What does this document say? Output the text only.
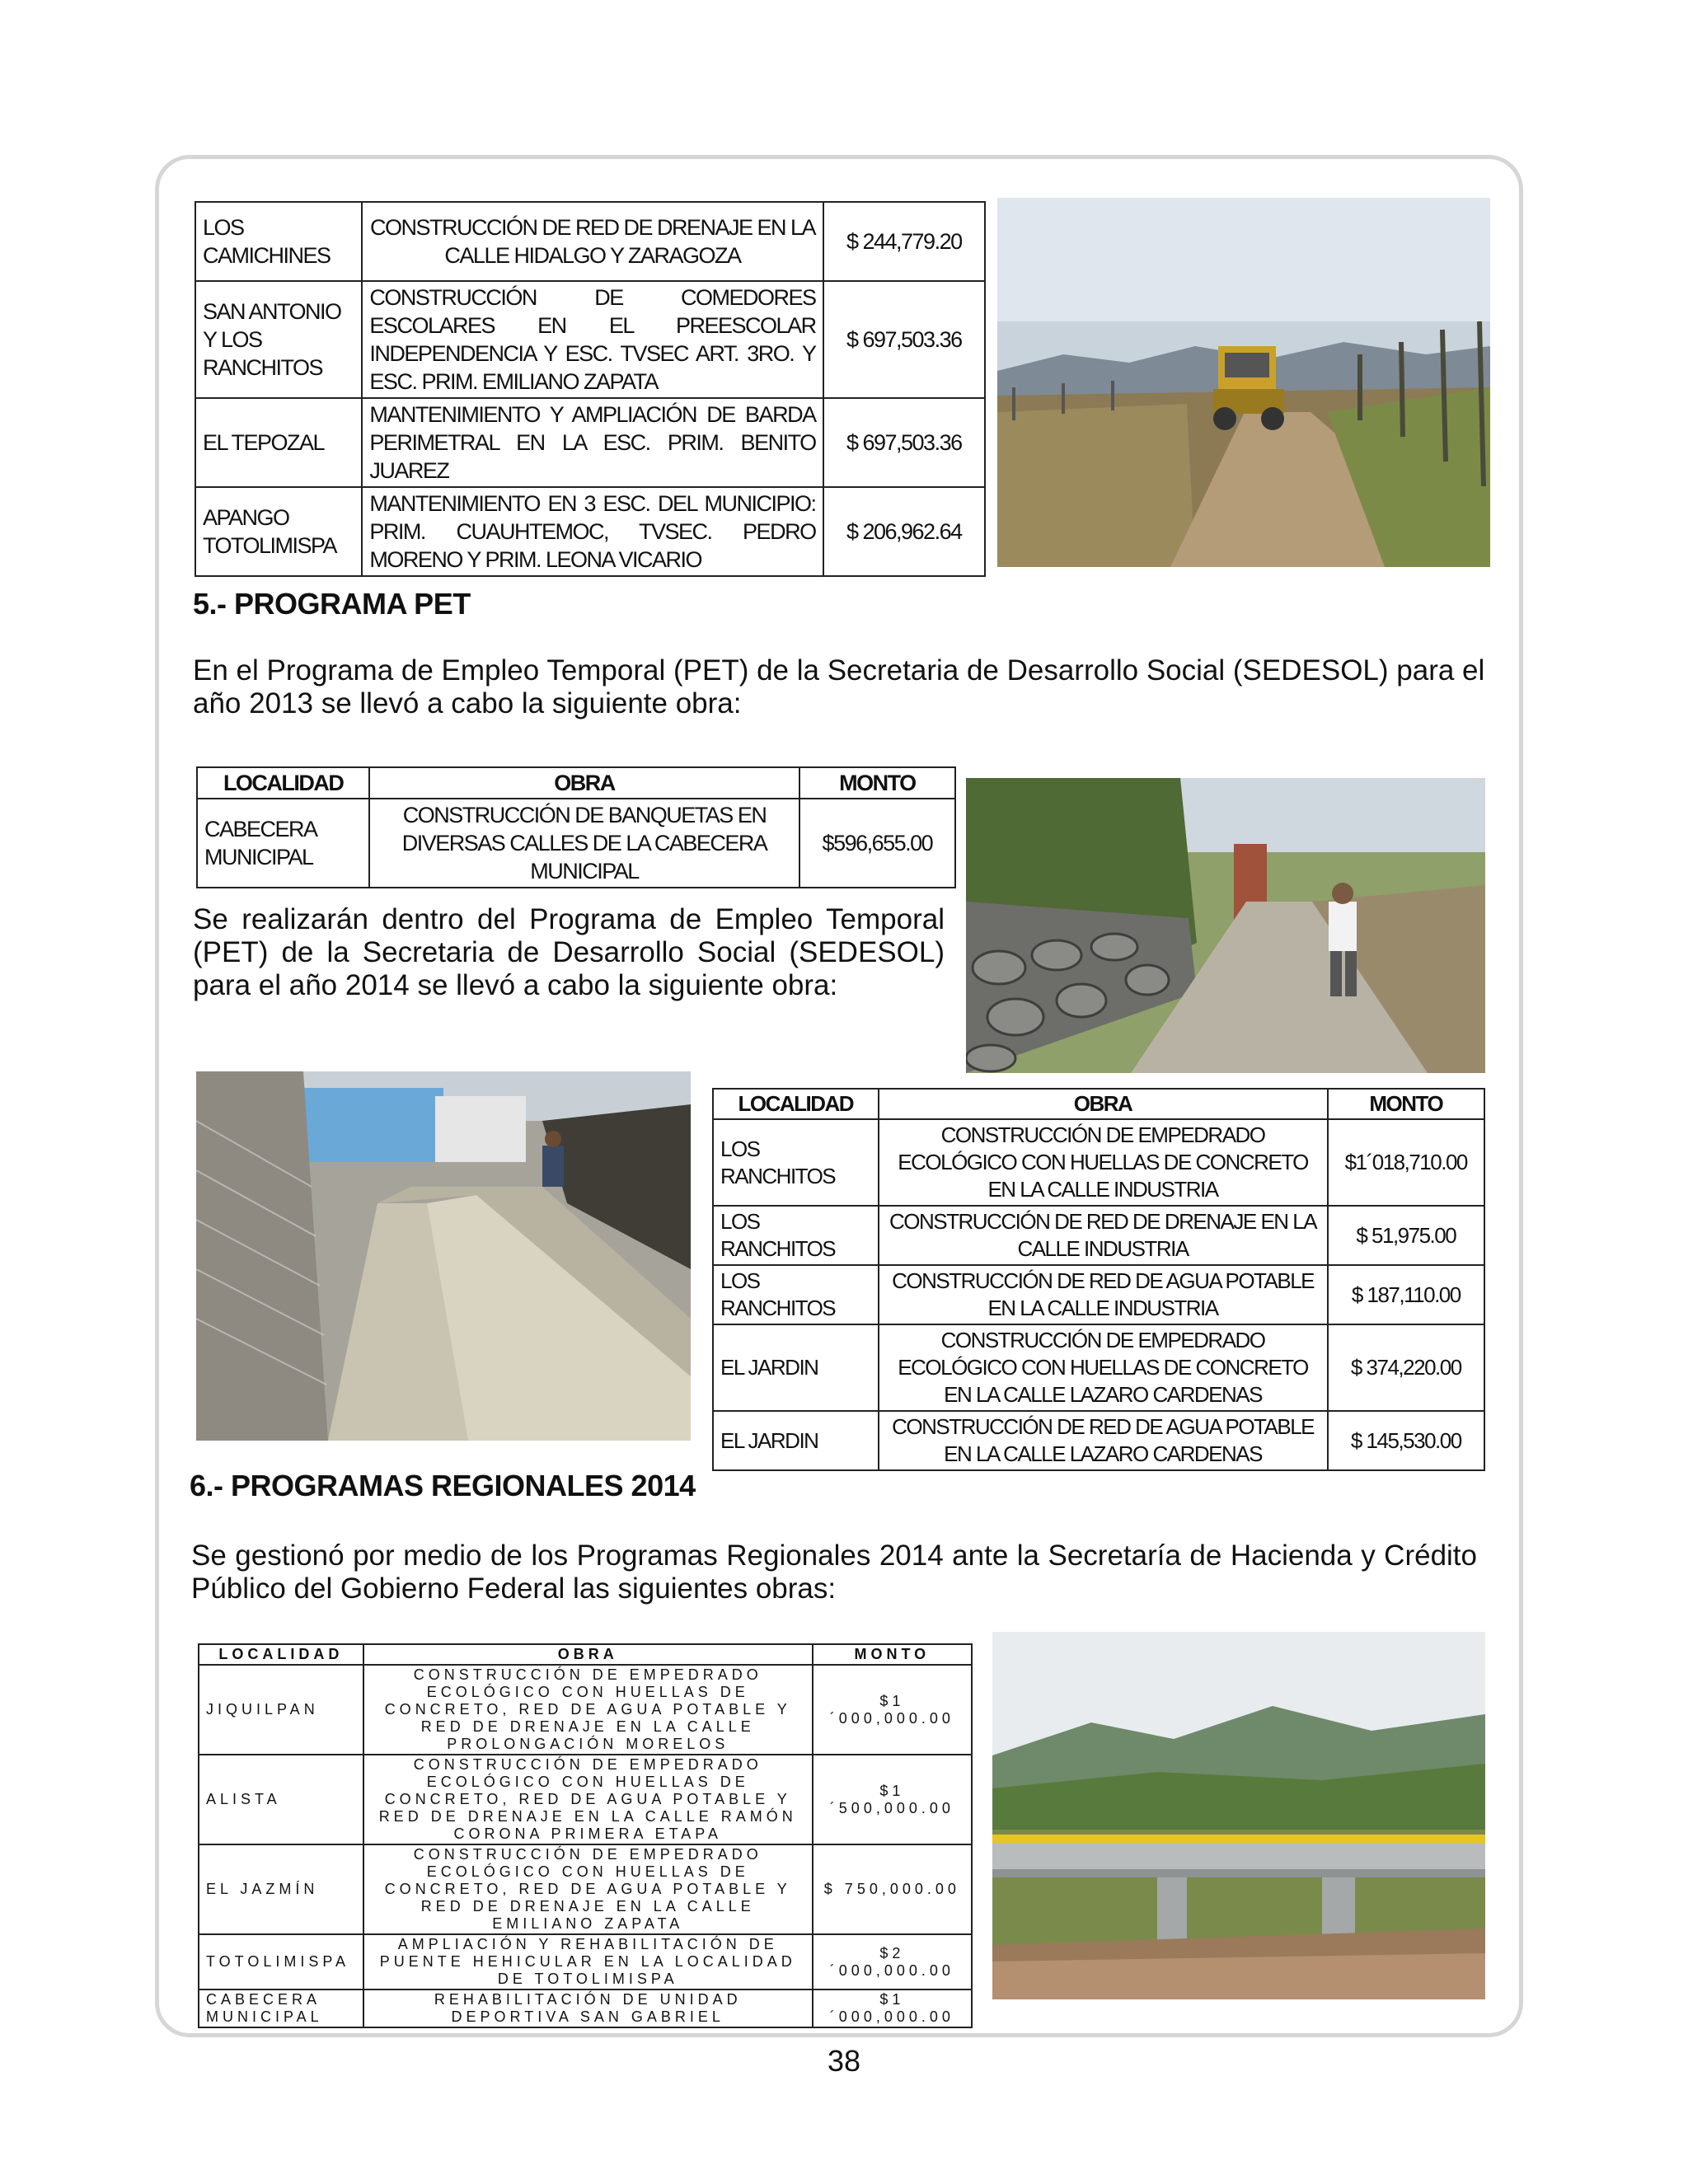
LOS CAMICHINES	CONSTRUCCIÓN DE RED DE DRENAJE EN LA CALLE HIDALGO Y ZARAGOZA	$ 244,779.20
SAN ANTONIO Y LOS RANCHITOS	CONSTRUCCIÓN DE COMEDORES ESCOLARES EN EL PREESCOLAR INDEPENDENCIA Y ESC. TVSEC ART. 3RO. Y ESC. PRIM. EMILIANO ZAPATA	$ 697,503.36
EL TEPOZAL	MANTENIMIENTO Y AMPLIACIÓN DE BARDA PERIMETRAL EN LA ESC. PRIM. BENITO JUAREZ	$ 697,503.36
APANGO TOTOLIMISPA	MANTENIMIENTO EN 3 ESC. DEL MUNICIPIO: PRIM. CUAUHTEMOC, TVSEC. PEDRO MORENO Y PRIM. LEONA VICARIO	$ 206,962.64
5.- PROGRAMA PET

En el Programa de Empleo Temporal (PET) de la Secretaria de Desarrollo Social (SEDESOL) para el año 2013 se llevó a cabo la siguiente obra:

LOCALIDAD	OBRA	MONTO
CABECERA MUNICIPAL	CONSTRUCCIÓN DE BANQUETAS EN DIVERSAS CALLES DE LA CABECERA MUNICIPAL	$596,655.00

Se realizarán dentro del Programa de Empleo Temporal (PET) de la Secretaria de Desarrollo Social (SEDESOL) para el año 2014 se llevó a cabo la siguiente obra:

LOCALIDAD	OBRA	MONTO
LOS RANCHITOS	CONSTRUCCIÓN DE EMPEDRADO ECOLÓGICO CON HUELLAS DE CONCRETO EN LA CALLE INDUSTRIA	$1´018,710.00
LOS RANCHITOS	CONSTRUCCIÓN DE RED DE DRENAJE EN LA CALLE INDUSTRIA	$ 51,975.00
LOS RANCHITOS	CONSTRUCCIÓN DE RED DE AGUA POTABLE EN LA CALLE INDUSTRIA	$ 187,110.00
EL JARDIN	CONSTRUCCIÓN DE EMPEDRADO ECOLÓGICO CON HUELLAS DE CONCRETO EN LA CALLE LAZARO CARDENAS	$ 374,220.00
EL JARDIN	CONSTRUCCIÓN DE RED DE AGUA POTABLE EN LA CALLE LAZARO CARDENAS	$ 145,530.00
6.- PROGRAMAS REGIONALES 2014

Se gestionó por medio de los Programas Regionales 2014 ante la Secretaría de Hacienda y Crédito Público del Gobierno Federal las siguientes obras:

LOCALIDAD	OBRA	MONTO
JIQUILPAN	CONSTRUCCIÓN DE EMPEDRADO ECOLÓGICO CON HUELLAS DE CONCRETO, RED DE AGUA POTABLE Y RED DE DRENAJE EN LA CALLE PROLONGACIÓN MORELOS	$1´000,000.00
ALISTA	CONSTRUCCIÓN DE EMPEDRADO ECOLÓGICO CON HUELLAS DE CONCRETO, RED DE AGUA POTABLE Y RED DE DRENAJE EN LA CALLE RAMÓN CORONA PRIMERA ETAPA	$1´500,000.00
EL JAZMÍN	CONSTRUCCIÓN DE EMPEDRADO ECOLÓGICO CON HUELLAS DE CONCRETO, RED DE AGUA POTABLE Y RED DE DRENAJE EN LA CALLE EMILIANO ZAPATA	$ 750,000.00
TOTOLIMISPA	AMPLIACIÓN Y REHABILITACIÓN DE PUENTE HEHICULAR EN LA LOCALIDAD DE TOTOLIMISPA	$2´000,000.00
CABECERA MUNICIPAL	REHABILITACIÓN DE UNIDAD DEPORTIVA SAN GABRIEL	$1´000,000.00
38
